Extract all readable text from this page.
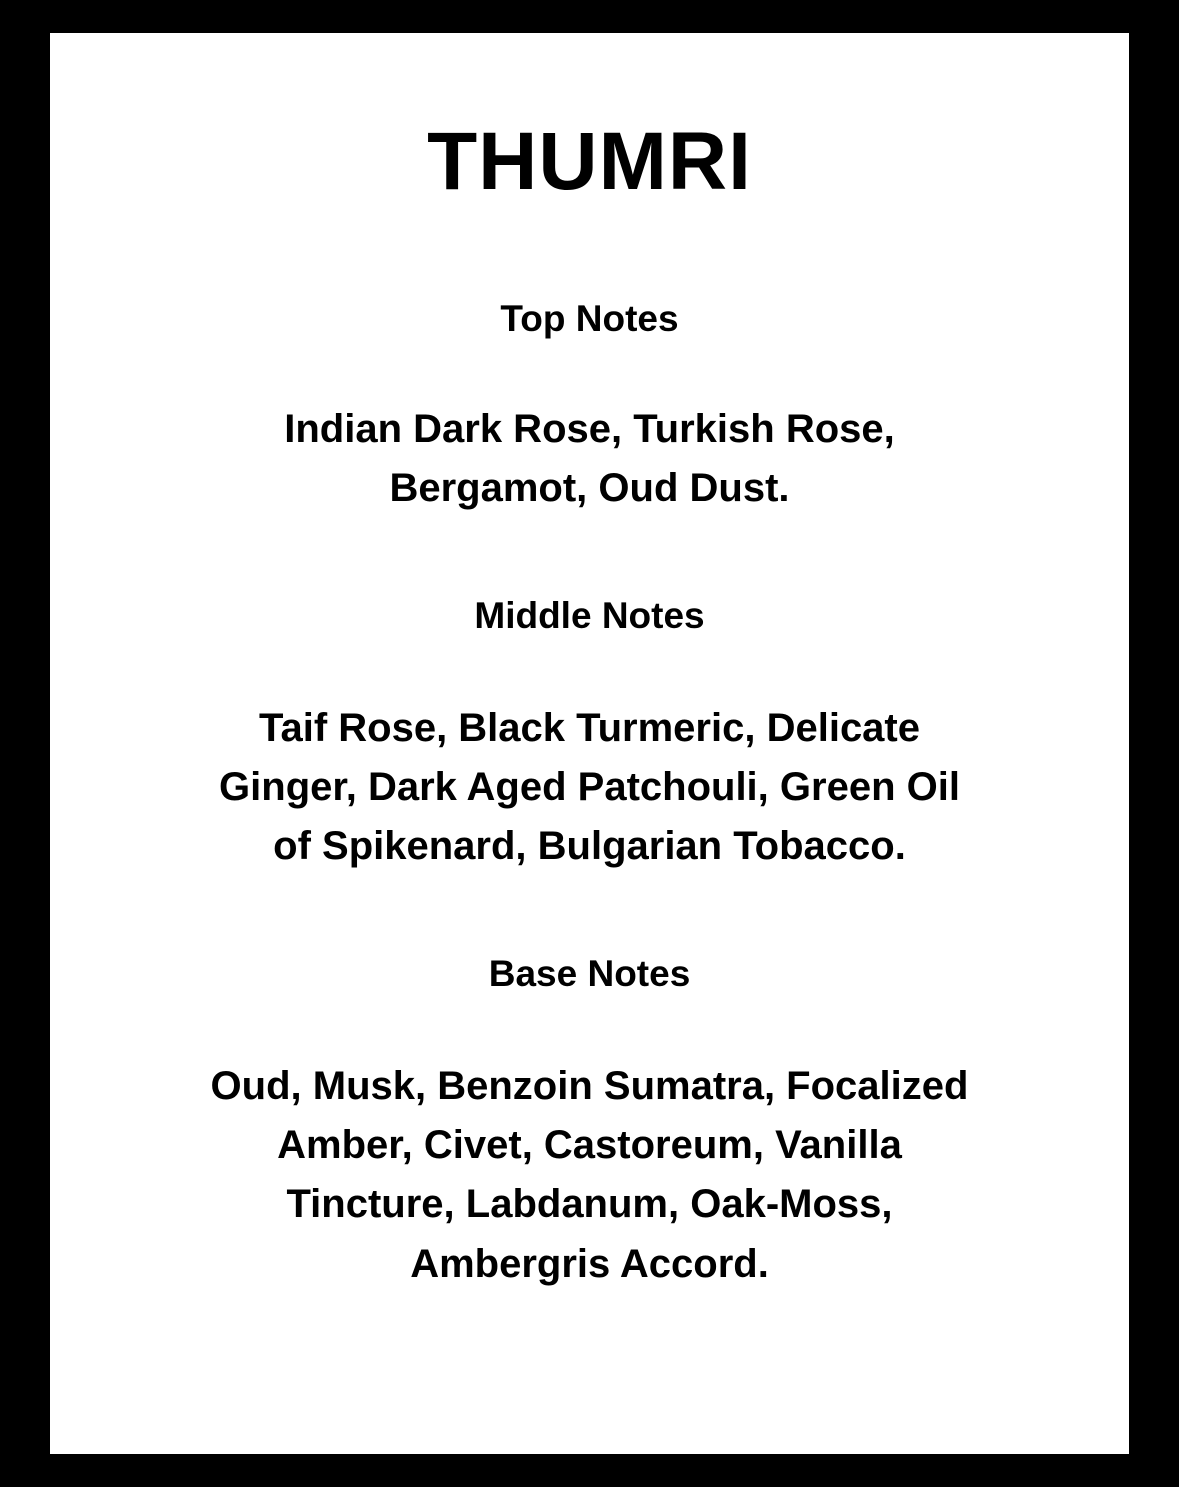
THUMRI
Top Notes
Indian Dark Rose, Turkish Rose, Bergamot, Oud Dust.
Middle Notes
Taif Rose, Black Turmeric, Delicate Ginger, Dark Aged Patchouli, Green Oil of Spikenard, Bulgarian Tobacco.
Base Notes
Oud, Musk, Benzoin Sumatra, Focalized Amber, Civet, Castoreum, Vanilla Tincture, Labdanum, Oak-Moss, Ambergris Accord.
